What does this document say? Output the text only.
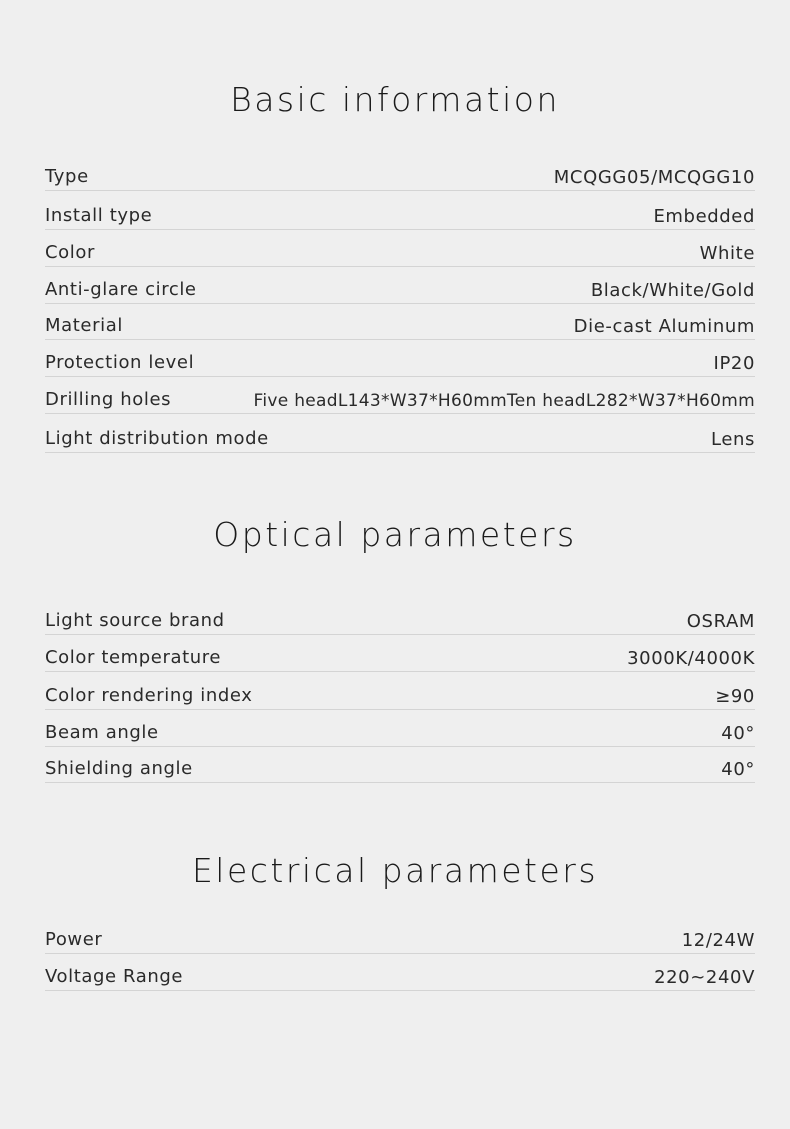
Basic information
Type	MCQGG05/MCQGG10
Install type	Embedded
Color	White
Anti-glare circle	Black/White/Gold
Material	Die-cast Aluminum
Protection level	IP20
Drilling holes	Five headL143*W37*H60mmTen headL282*W37*H60mm
Light distribution mode	Lens
Optical parameters
Light source brand	OSRAM
Color temperature	3000K/4000K
Color rendering index	≥90
Beam angle	40°
Shielding angle	40°
Electrical parameters
Power	12/24W
Voltage Range	220~240V
